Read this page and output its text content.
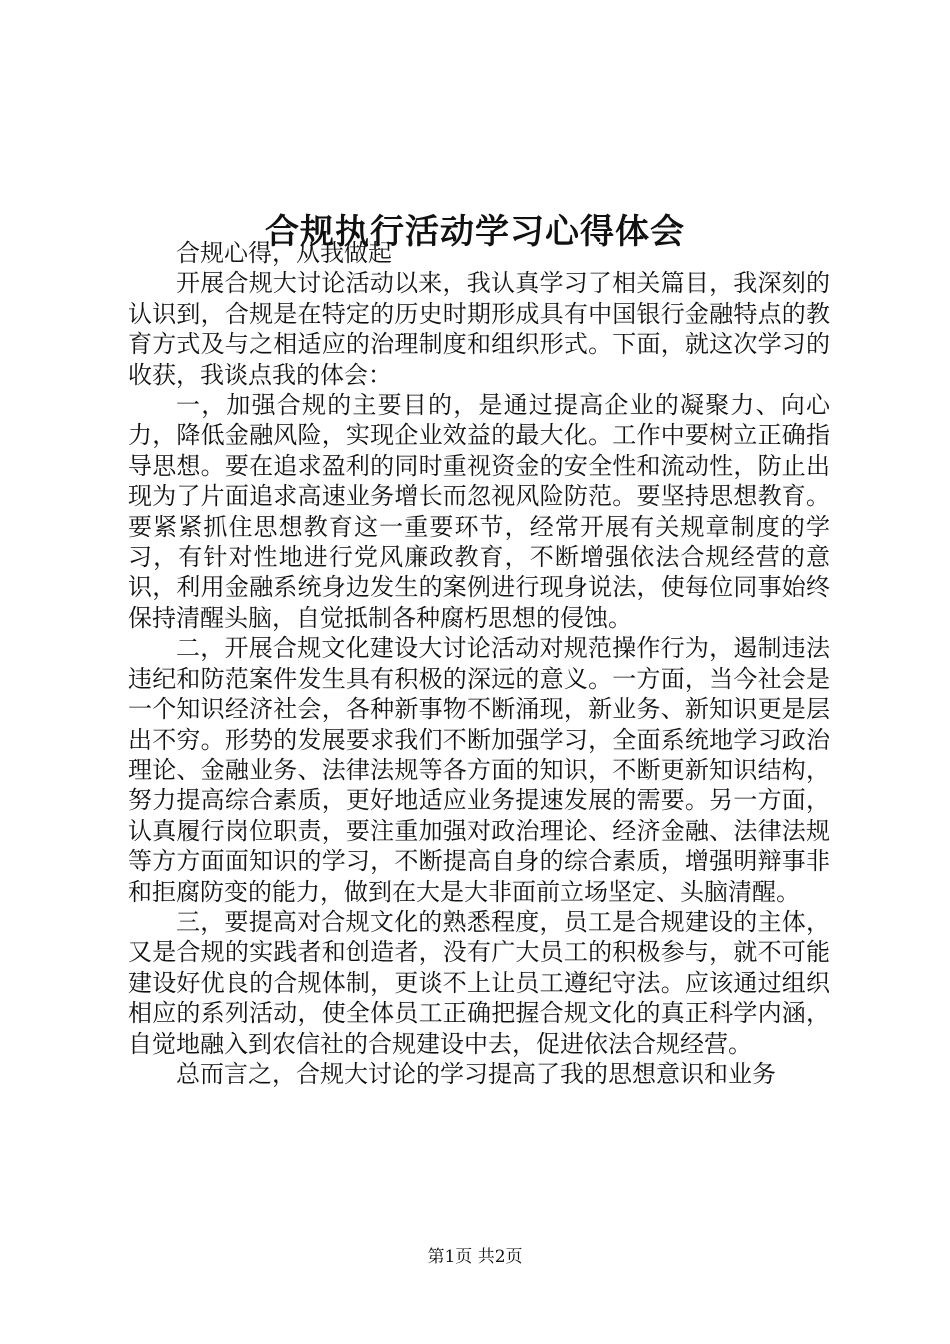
合规执行活动学习心得体会

合规心得，从我做起

开展合规大讨论活动以来，我认真学习了相关篇目，我深刻的认识到，合规是在特定的历史时期形成具有中国银行金融特点的教育方式及与之相适应的治理制度和组织形式。下面，就这次学习的收获，我谈点我的体会：

一，加强合规的主要目的，是通过提高企业的凝聚力、向心力，降低金融风险，实现企业效益的最大化。工作中要树立正确指导思想。要在追求盈利的同时重视资金的安全性和流动性，防止出现为了片面追求高速业务增长而忽视风险防范。要坚持思想教育。要紧紧抓住思想教育这一重要环节，经常开展有关规章制度的学习，有针对性地进行党风廉政教育，不断增强依法合规经营的意识，利用金融系统身边发生的案例进行现身说法，使每位同事始终保持清醒头脑，自觉抵制各种腐朽思想的侵蚀。

二，开展合规文化建设大讨论活动对规范操作行为，遏制违法违纪和防范案件发生具有积极的深远的意义。一方面，当今社会是一个知识经济社会，各种新事物不断涌现，新业务、新知识更是层出不穷。形势的发展要求我们不断加强学习，全面系统地学习政治理论、金融业务、法律法规等各方面的知识，不断更新知识结构，努力提高综合素质，更好地适应业务提速发展的需要。另一方面，认真履行岗位职责，要注重加强对政治理论、经济金融、法律法规等方方面面知识的学习，不断提高自身的综合素质，增强明辩事非和拒腐防变的能力，做到在大是大非面前立场坚定、头脑清醒。

三，要提高对合规文化的熟悉程度，员工是合规建设的主体，又是合规的实践者和创造者，没有广大员工的积极参与，就不可能建设好优良的合规体制，更谈不上让员工遵纪守法。应该通过组织相应的系列活动，使全体员工正确把握合规文化的真正科学内涵，自觉地融入到农信社的合规建设中去，促进依法合规经营。

总而言之，合规大讨论的学习提高了我的思想意识和业务

第1页 共2页
